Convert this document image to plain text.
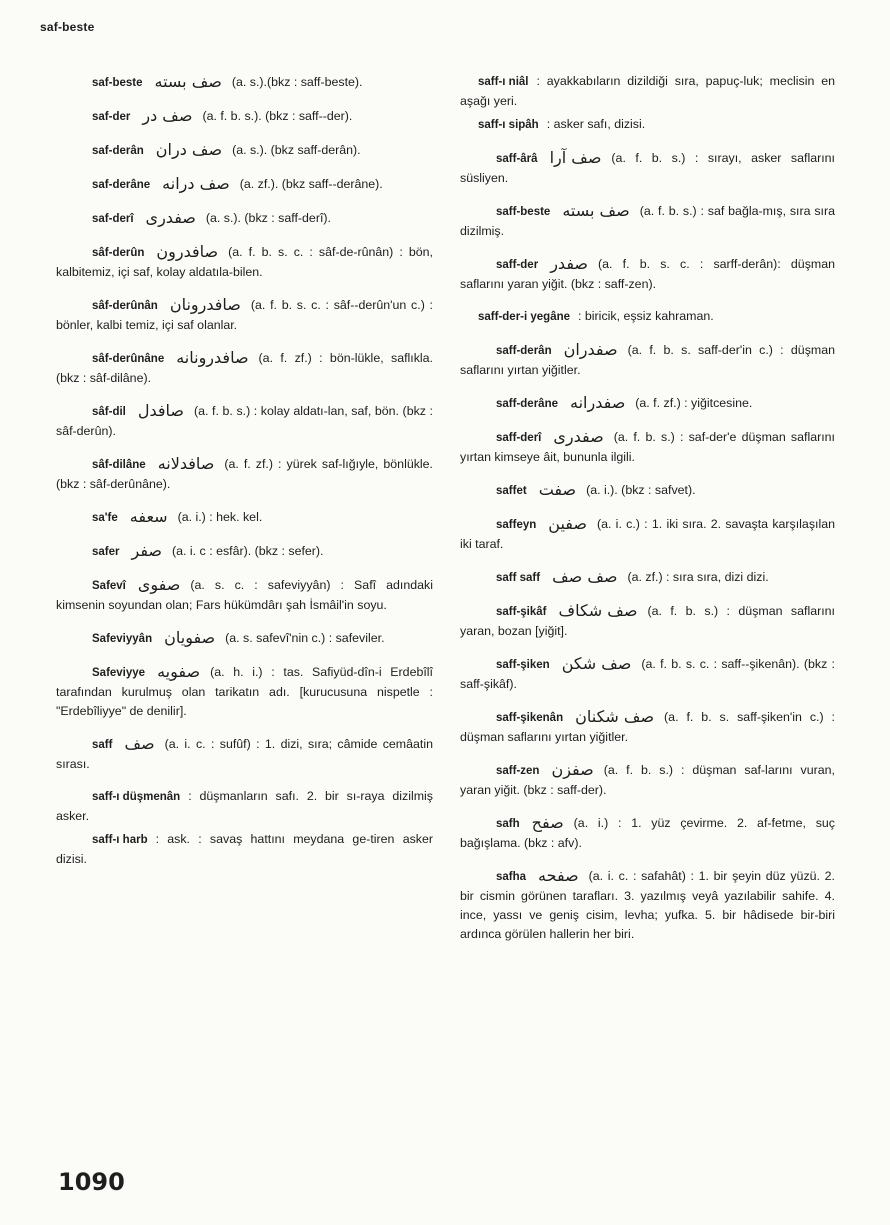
saf-beste
saf-beste صف بسته (a. s.).(bkz : saff-beste).
saf-der صف در (a. f. b. s.). (bkz : saff--der).
saf-derân صف دران (a. s.). (bkz saff-derân).
saf-derâne صف درانه (a. zf.). (bkz saff--derâne).
saf-derî صفدری (a. s.). (bkz : saff-derî).
sâf-derûn صافدرون (a. f. b. s. c. : sâf-de-rûnân) : bön, kalbitemiz, içi saf, kolay aldatıla-bilen.
sâf-derûnân صافدرونان (a. f. b. s. c. : sâf--derûn'un c.) : bönler, kalbi temiz, içi saf olanlar.
sâf-derûnâne صافدرونانه (a. f. zf.) : bön-lükle, saflıkla. (bkz : sâf-dilâne).
sâf-dil صافدل (a. f. b. s.) : kolay aldatı-lan, saf, bön. (bkz : sâf-derûn).
sâf-dilâne صافدلانه (a. f. zf.) : yürek saf-lığıyle, bönlükle. (bkz : sâf-derûnâne).
sa'fe سعفه (a. i.) : hek. kel.
safer صفر (a. i. c : esfâr). (bkz : sefer).
Safevî صفوی (a. s. c. : safeviyyân) : Safî adındaki kimsenin soyundan olan; Fars hükümdârı şah İsmâil'in soyu.
Safeviyyân صفویان (a. s. safevî'nin c.) : safeviler.
Safeviyye صفویه (a. h. i.) : tas. Safiyüd-dîn-i Erdebîlî tarafından kurulmuş olan tarikatın adı. [kurucusuna nispetle : "Erdebîliyye" de denilir].
saff صف (a. i. c. : sufûf) : 1. dizi, sıra; câmide cemâatin sırası.
saff-ı düşmenân : düşmanların safı. 2. bir sı-raya dizilmiş asker.
saff-ı harb : ask. : savaş hattını meydana ge-tiren asker dizisi.
saff-ı niâl : ayakkabıların dizildiği sıra, papuç-luk; meclisin en aşağı yeri.
saff-ı sipâh : asker safı, dizisi.
saff-ârâ صف آرا (a. f. b. s.) : sırayı, asker saflarını süsliyen.
saff-beste صف بسته (a. f. b. s.) : saf bağla-mış, sıra sıra dizilmiş.
saff-der صفدر (a. f. b. s. c. : sarff-derân): düşman saflarını yaran yiğit. (bkz : saff-zen).
saff-der-i yegâne : biricik, eşsiz kahraman.
saff-derân صفدران (a. f. b. s. saff-der'in c.) : düşman saflarını yırtan yiğitler.
saff-derâne صفدرانه (a. f. zf.) : yiğitcesine.
saff-derî صفدری (a. f. b. s.) : saf-der'e düşman saflarını yırtan kimseye âit, bununla ilgili.
saffet صفت (a. i.). (bkz : safvet).
saffeyn صفين (a. i. c.) : 1. iki sıra. 2. savaşta karşılaşılan iki taraf.
saff saff صف صف (a. zf.) : sıra sıra, dizi dizi.
saff-şikâf صف شكاف (a. f. b. s.) : düşman saflarını yaran, bozan [yiğit].
saff-şiken صف شكن (a. f. b. s. c. : saff--şikenân). (bkz : saff-şikâf).
saff-şikenân صف شكنان (a. f. b. s. saff-şiken'in c.) : düşman saflarını yırtan yiğitler.
saff-zen صفزن (a. f. b. s.) : düşman saf-larını vuran, yaran yiğit. (bkz : saff-der).
safh صفح (a. i.) : 1. yüz çevirme. 2. af-fetme, suç bağışlama. (bkz : afv).
safha صفحه (a. i. c. : safahât) : 1. bir şeyin düz yüzü. 2. bir cismin görünen tarafları. 3. yazılmış veyâ yazılabilir sahife. 4. ince, yassı ve geniş cisim, levha; yufka. 5. bir hâdisede bir-biri ardınca görülen hallerin her biri.
1090
